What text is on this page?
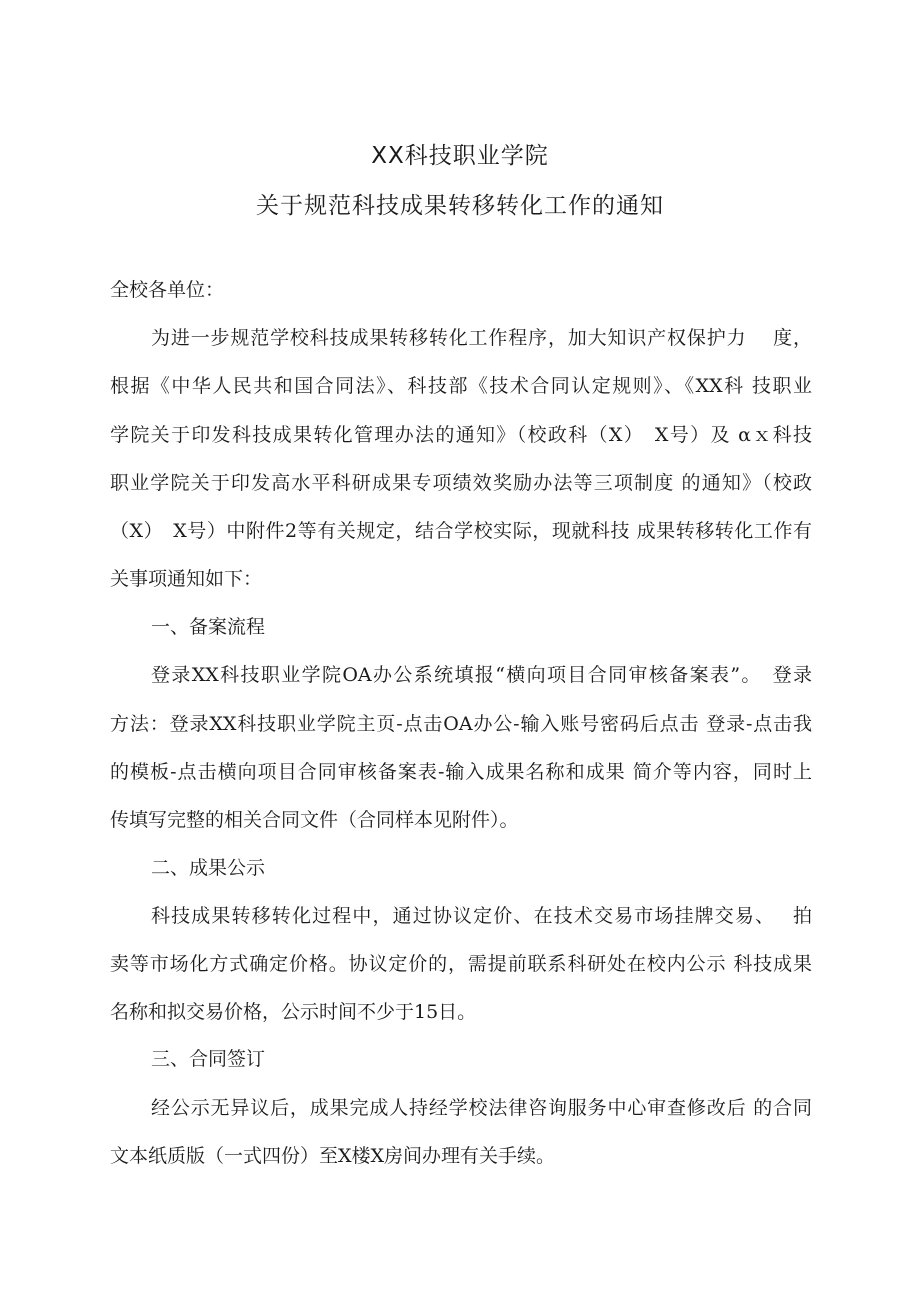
XX科技职业学院
关于规范科技成果转移转化工作的通知
全校各单位：
为进一步规范学校科技成果转移转化工作程序，加大知识产权保护力　 度，
根据《中华人民共和国合同法》、科技部《技术合同认定规则》、《XX科 技职业
学院关于印发科技成果转化管理办法的通知》（校政科（X）　X号）及 αｘ科技
职业学院关于印发高水平科研成果专项绩效奖励办法等三项制度 的通知》（校政
（X）　X号）中附件2等有关规定，结合学校实际，现就科技 成果转移转化工作有
关事项通知如下：
一、备案流程
登录XX科技职业学院OA办公系统填报“横向项目合同审核备案表”。　登录
方法：登录XX科技职业学院主页-点击OA办公-输入账号密码后点击 登录-点击我
的模板-点击横向项目合同审核备案表-输入成果名称和成果 简介等内容，同时上
传填写完整的相关合同文件（合同样本见附件）。
二、成果公示
科技成果转移转化过程中，通过协议定价、在技术交易市场挂牌交易、　 拍
卖等市场化方式确定价格。协议定价的，需提前联系科研处在校内公示 科技成果
名称和拟交易价格，公示时间不少于15日。
三、合同签订
经公示无异议后，成果完成人持经学校法律咨询服务中心审查修改后 的合同
文本纸质版（一式四份）至X楼X房间办理有关手续。
